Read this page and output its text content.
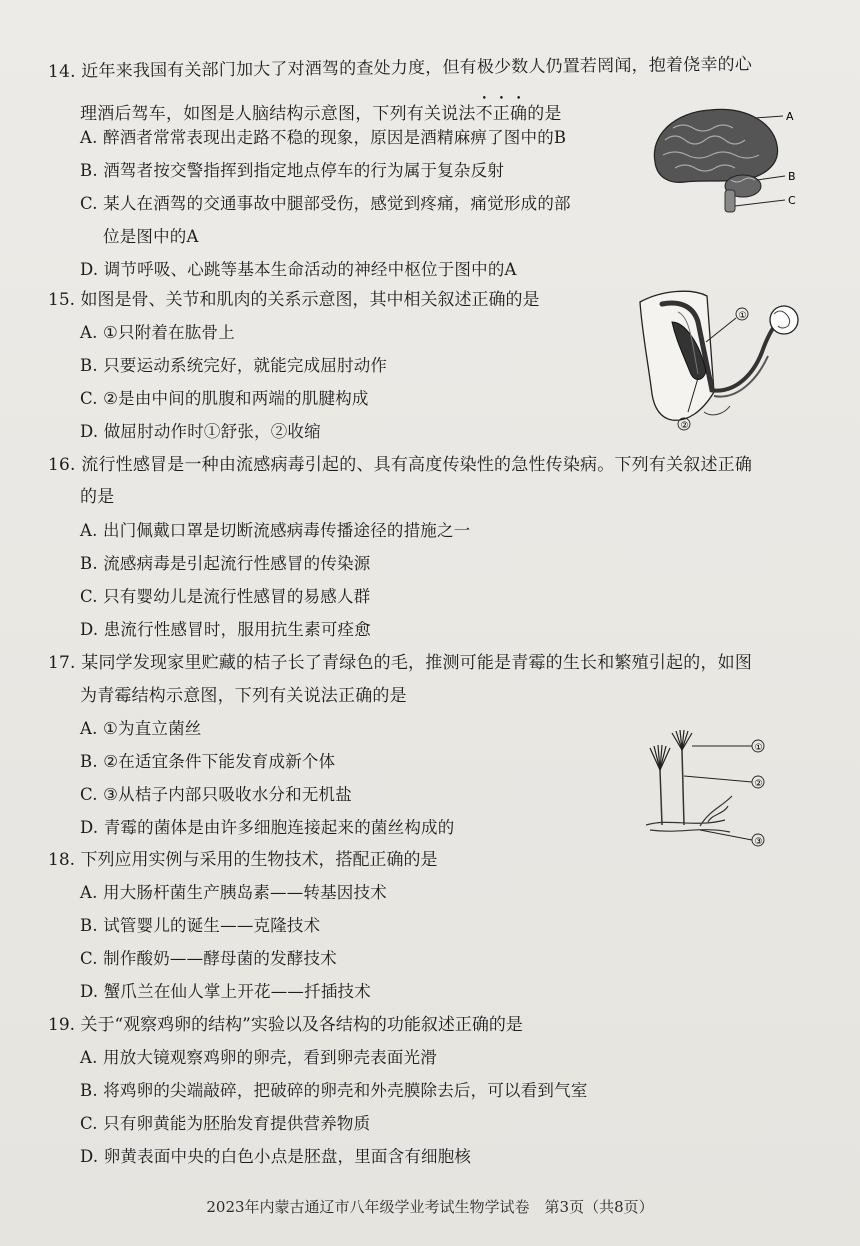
14. 近年来我国有关部门加大了对酒驾的查处力度，但有极少数人仍置若罔闻，抱着侥幸的心
理酒后驾车，如图是人脑结构示意图，下列有关说法不正确的是
A. 醉酒者常常表现出走路不稳的现象，原因是酒精麻痹了图中的B
B. 酒驾者按交警指挥到指定地点停车的行为属于复杂反射
C. 某人在酒驾的交通事故中腿部受伤，感觉到疼痛，痛觉形成的部
位是图中的A
D. 调节呼吸、心跳等基本生命活动的神经中枢位于图中的A
A
B
C
15. 如图是骨、关节和肌肉的关系示意图，其中相关叙述正确的是
A. ①只附着在肱骨上
B. 只要运动系统完好，就能完成屈肘动作
C. ②是由中间的肌腹和两端的肌腱构成
D. 做屈肘动作时①舒张，②收缩
①
②
16. 流行性感冒是一种由流感病毒引起的、具有高度传染性的急性传染病。下列有关叙述正确
的是
A. 出门佩戴口罩是切断流感病毒传播途径的措施之一
B. 流感病毒是引起流行性感冒的传染源
C. 只有婴幼儿是流行性感冒的易感人群
D. 患流行性感冒时，服用抗生素可痊愈
17. 某同学发现家里贮藏的桔子长了青绿色的毛，推测可能是青霉的生长和繁殖引起的，如图
为青霉结构示意图，下列有关说法正确的是
A. ①为直立菌丝
B. ②在适宜条件下能发育成新个体
C. ③从桔子内部只吸收水分和无机盐
D. 青霉的菌体是由许多细胞连接起来的菌丝构成的
①
②
③
18. 下列应用实例与采用的生物技术，搭配正确的是
A. 用大肠杆菌生产胰岛素——转基因技术
B. 试管婴儿的诞生——克隆技术
C. 制作酸奶——酵母菌的发酵技术
D. 蟹爪兰在仙人掌上开花——扦插技术
19. 关于“观察鸡卵的结构”实验以及各结构的功能叙述正确的是
A. 用放大镜观察鸡卵的卵壳，看到卵壳表面光滑
B. 将鸡卵的尖端敲碎，把破碎的卵壳和外壳膜除去后，可以看到气室
C. 只有卵黄能为胚胎发育提供营养物质
D. 卵黄表面中央的白色小点是胚盘，里面含有细胞核
2023年内蒙古通辽市八年级学业考试生物学试卷　第3页（共8页）
